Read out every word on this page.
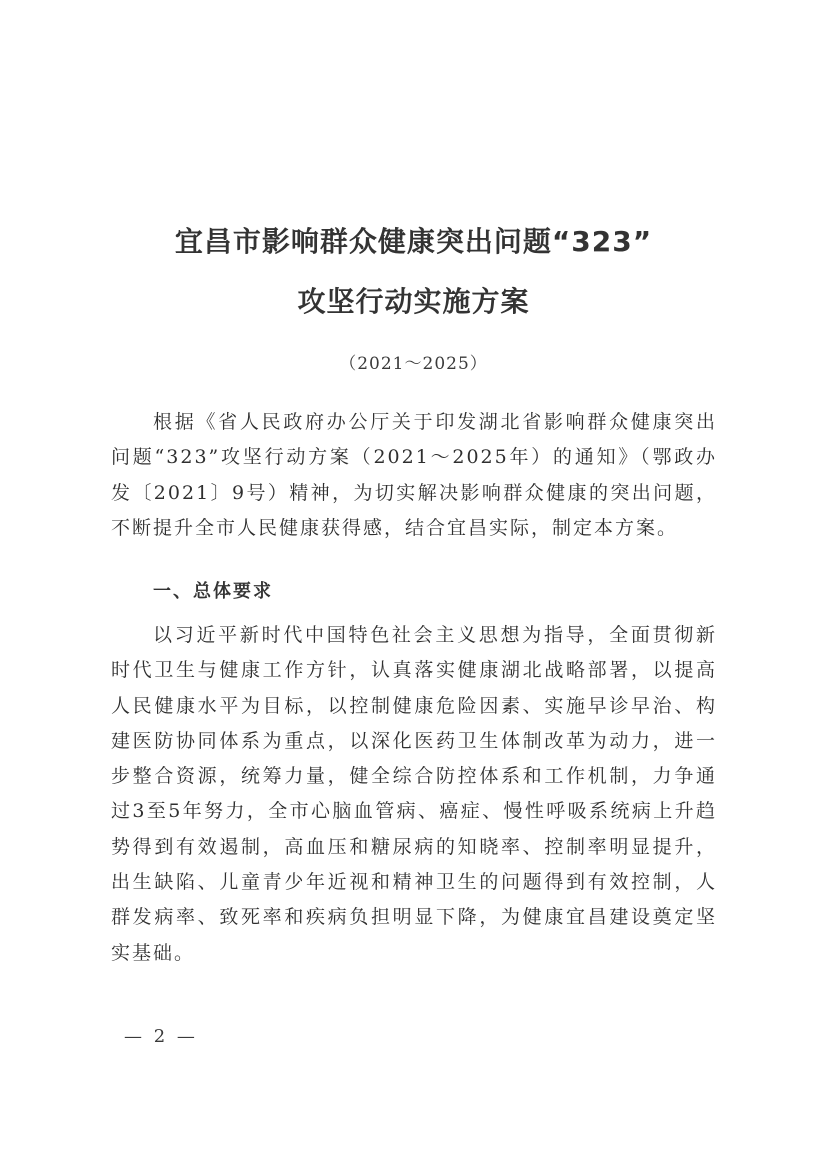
宜昌市影响群众健康突出问题“323”
攻坚行动实施方案
（2021～2025）
根据《省人民政府办公厅关于印发湖北省影响群众健康突出问题“323”攻坚行动方案（2021～2025年）的通知》（鄂政办发〔2021〕9号）精神，为切实解决影响群众健康的突出问题，不断提升全市人民健康获得感，结合宜昌实际，制定本方案。
一、总体要求
以习近平新时代中国特色社会主义思想为指导，全面贯彻新时代卫生与健康工作方针，认真落实健康湖北战略部署，以提高人民健康水平为目标，以控制健康危险因素、实施早诊早治、构建医防协同体系为重点，以深化医药卫生体制改革为动力，进一步整合资源，统筹力量，健全综合防控体系和工作机制，力争通过3至5年努力，全市心脑血管病、癌症、慢性呼吸系统病上升趋势得到有效遏制，高血压和糖尿病的知晓率、控制率明显提升，出生缺陷、儿童青少年近视和精神卫生的问题得到有效控制，人群发病率、致死率和疾病负担明显下降，为健康宜昌建设奠定坚实基础。
— 2 —
